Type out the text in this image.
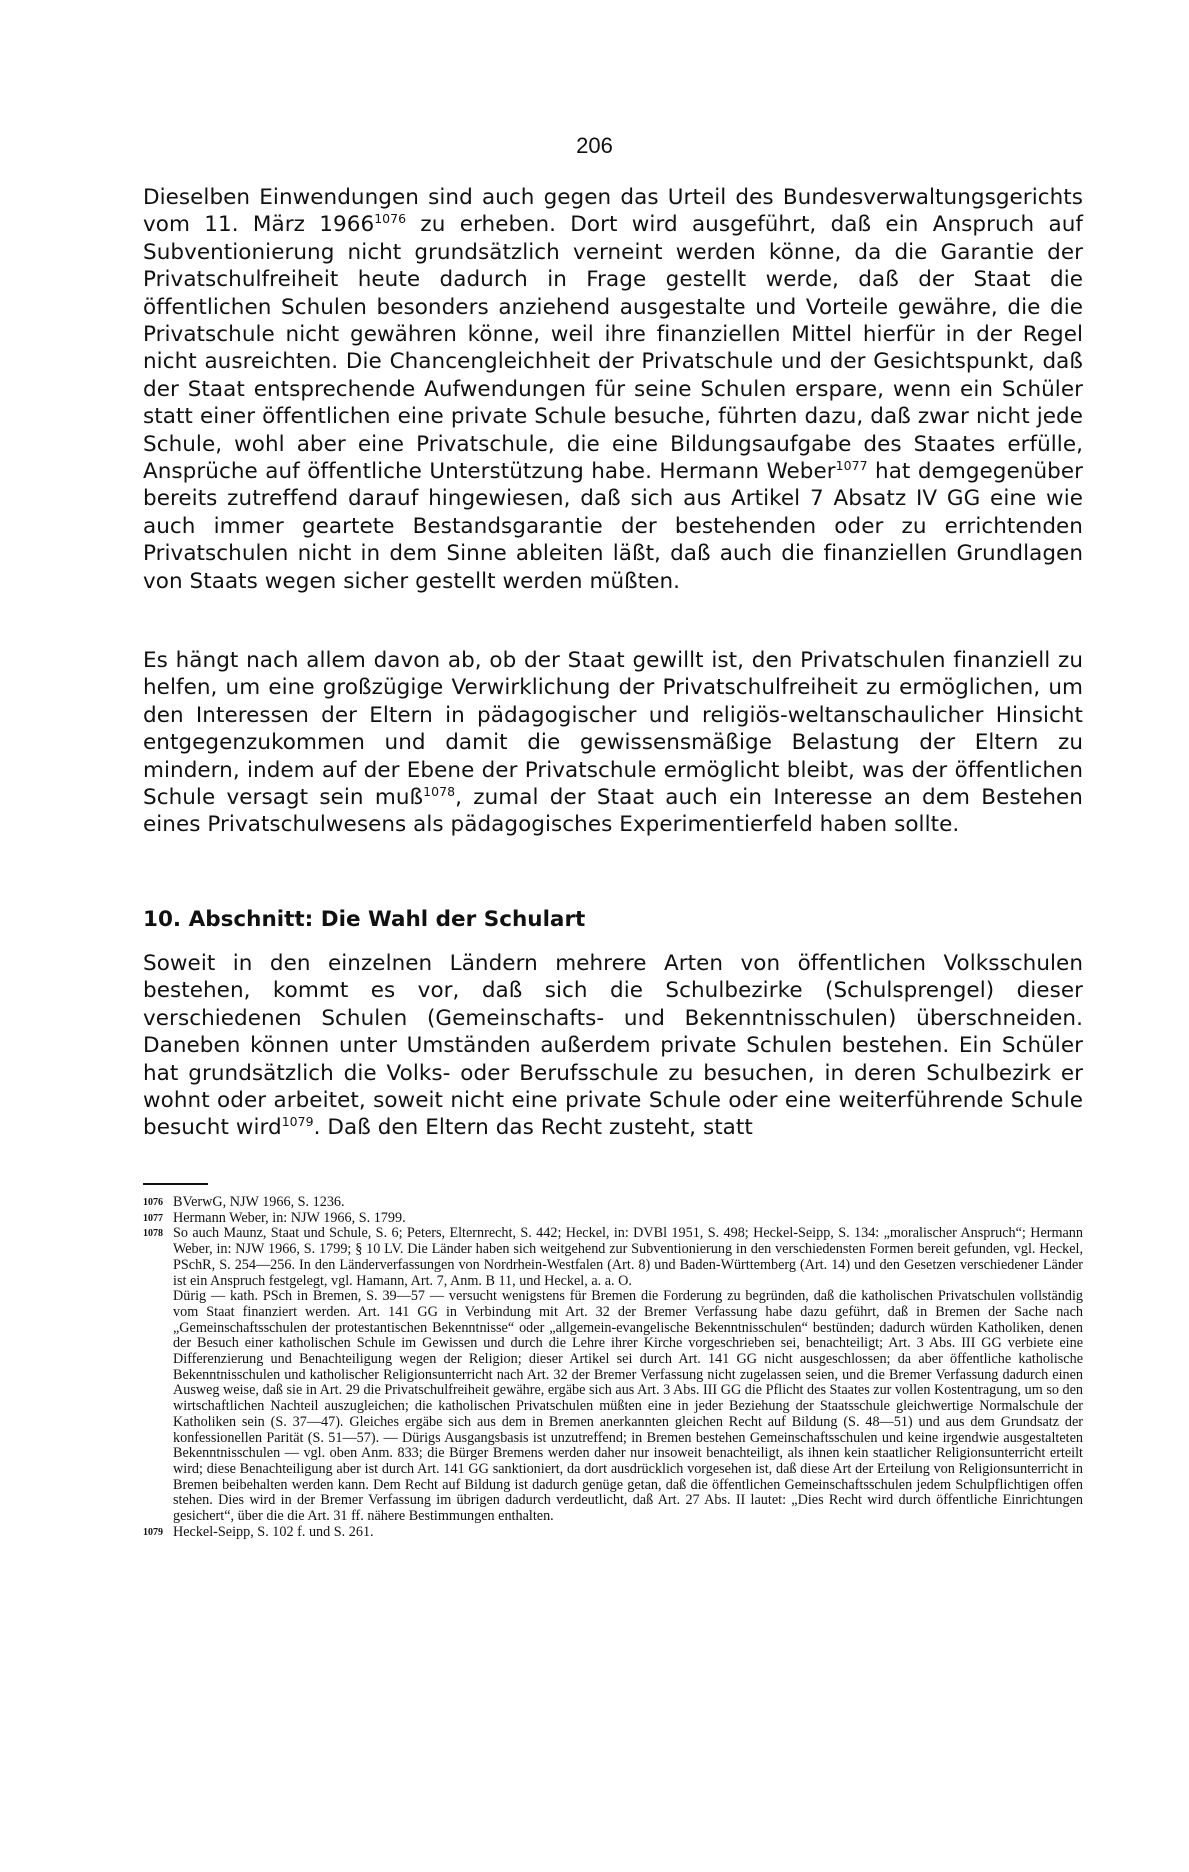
206
Dieselben Einwendungen sind auch gegen das Urteil des Bundesverwaltungsgerichts vom 11. März $1966^{1076}$ zu erheben. Dort wird ausgeführt, daß ein Anspruch auf Subventionierung nicht grundsätzlich verneint werden könne, da die Garantie der Privatschulfreiheit heute dadurch in Frage gestellt werde, daß der Staat die öffentlichen Schulen besonders anziehend ausgestalte und Vorteile gewähre, die die Privatschule nicht gewähren könne, weil ihre finanziellen Mittel hierfür in der Regel nicht ausreichten. Die Chancengleichheit der Privatschule und der Gesichtspunkt, daß der Staat entsprechende Aufwendungen für seine Schulen erspare, wenn ein Schüler statt einer öffentlichen eine private Schule besuche, führten dazu, daß zwar nicht jede Schule, wohl aber eine Privatschule, die eine Bildungsaufgabe des Staates erfülle, Ansprüche auf öffentliche Unterstützung habe. Hermann Weber$^{1077}$ hat demgegenüber bereits zutreffend darauf hingewiesen, daß sich aus Artikel 7 Absatz IV GG eine wie auch immer geartete Bestandsgarantie der bestehenden oder zu errichtenden Privatschulen nicht in dem Sinne ableiten läßt, daß auch die finanziellen Grundlagen von Staats wegen sicher gestellt werden müßten.
Es hängt nach allem davon ab, ob der Staat gewillt ist, den Privatschulen finanziell zu helfen, um eine großzügige Verwirklichung der Privatschulfreiheit zu ermöglichen, um den Interessen der Eltern in pädagogischer und religiös-weltanschaulicher Hinsicht entgegenzukommen und damit die gewissensmäßige Belastung der Eltern zu mindern, indem auf der Ebene der Privatschule ermöglicht bleibt, was der öffentlichen Schule versagt sein muß$^{1078}$, zumal der Staat auch ein Interesse an dem Bestehen eines Privatschulwesens als pädagogisches Experimentierfeld haben sollte.
10. Abschnitt: Die Wahl der Schulart
Soweit in den einzelnen Ländern mehrere Arten von öffentlichen Volksschulen bestehen, kommt es vor, daß sich die Schulbezirke (Schulsprengel) dieser verschiedenen Schulen (Gemeinschafts- und Bekenntnisschulen) überschneiden. Daneben können unter Umständen außerdem private Schulen bestehen. Ein Schüler hat grundsätzlich die Volks- oder Berufsschule zu besuchen, in deren Schulbezirk er wohnt oder arbeitet, soweit nicht eine private Schule oder eine weiterführende Schule besucht wird$^{1079}$. Daß den Eltern das Recht zusteht, statt
1076 BVerwG, NJW 1966, S. 1236.
1077 Hermann Weber, in: NJW 1966, S. 1799.
1078 So auch Maunz, Staat und Schule, S. 6; Peters, Elternrecht, S. 442; Heckel, in: DVBl 1951, S. 498; Heckel-Seipp, S. 134: „moralischer Anspruch“; Hermann Weber, in: NJW 1966, S. 1799; § 10 LV. Die Länder haben sich weitgehend zur Subventionierung in den verschiedensten Formen bereit gefunden, vgl. Heckel, PSchR, S. 254—256. In den Länderverfassungen von Nordrhein-Westfalen (Art. 8) und Baden-Württemberg (Art. 14) und den Gesetzen verschiedener Länder ist ein Anspruch festgelegt, vgl. Hamann, Art. 7, Anm. B 11, und Heckel, a. a. O.
Dürig — kath. PSch in Bremen, S. 39—57 — versucht wenigstens für Bremen die Forderung zu begründen, daß die katholischen Privatschulen vollständig vom Staat finanziert werden. Art. 141 GG in Verbindung mit Art. 32 der Bremer Verfassung habe dazu geführt, daß in Bremen der Sache nach „Gemeinschaftsschulen der protestantischen Bekenntnisse“ oder „allgemein-evangelische Bekenntnisschulen“ bestünden; dadurch würden Katholiken, denen der Besuch einer katholischen Schule im Gewissen und durch die Lehre ihrer Kirche vorgeschrieben sei, benachteiligt; Art. 3 Abs. III GG verbiete eine Differenzierung und Benachteiligung wegen der Religion; dieser Artikel sei durch Art. 141 GG nicht ausgeschlossen; da aber öffentliche katholische Bekenntnisschulen und katholischer Religionsunterricht nach Art. 32 der Bremer Verfassung nicht zugelassen seien, und die Bremer Verfassung dadurch einen Ausweg weise, daß sie in Art. 29 die Privatschulfreiheit gewähre, ergäbe sich aus Art. 3 Abs. III GG die Pflicht des Staates zur vollen Kostentragung, um so den wirtschaftlichen Nachteil auszugleichen; die katholischen Privatschulen müßten eine in jeder Beziehung der Staatsschule gleichwertige Normalschule der Katholiken sein (S. 37—47). Gleiches ergäbe sich aus dem in Bremen anerkannten gleichen Recht auf Bildung (S. 48—51) und aus dem Grundsatz der konfessionellen Parität (S. 51—57). — Dürigs Ausgangsbasis ist unzutreffend; in Bremen bestehen Gemeinschaftsschulen und keine irgendwie ausgestalteten Bekenntnisschulen — vgl. oben Anm. 833; die Bürger Bremens werden daher nur insoweit benachteiligt, als ihnen kein staatlicher Religionsunterricht erteilt wird; diese Benachteiligung aber ist durch Art. 141 GG sanktioniert, da dort ausdrücklich vorgesehen ist, daß diese Art der Erteilung von Religionsunterricht in Bremen beibehalten werden kann. Dem Recht auf Bildung ist dadurch genüge getan, daß die öffentlichen Gemeinschaftsschulen jedem Schulpflichtigen offen stehen. Dies wird in der Bremer Verfassung im übrigen dadurch verdeutlicht, daß Art. 27 Abs. II lautet: „Dies Recht wird durch öffentliche Einrichtungen gesichert“, über die die Art. 31 ff. nähere Bestimmungen enthalten.
1079 Heckel-Seipp, S. 102 f. und S. 261.
